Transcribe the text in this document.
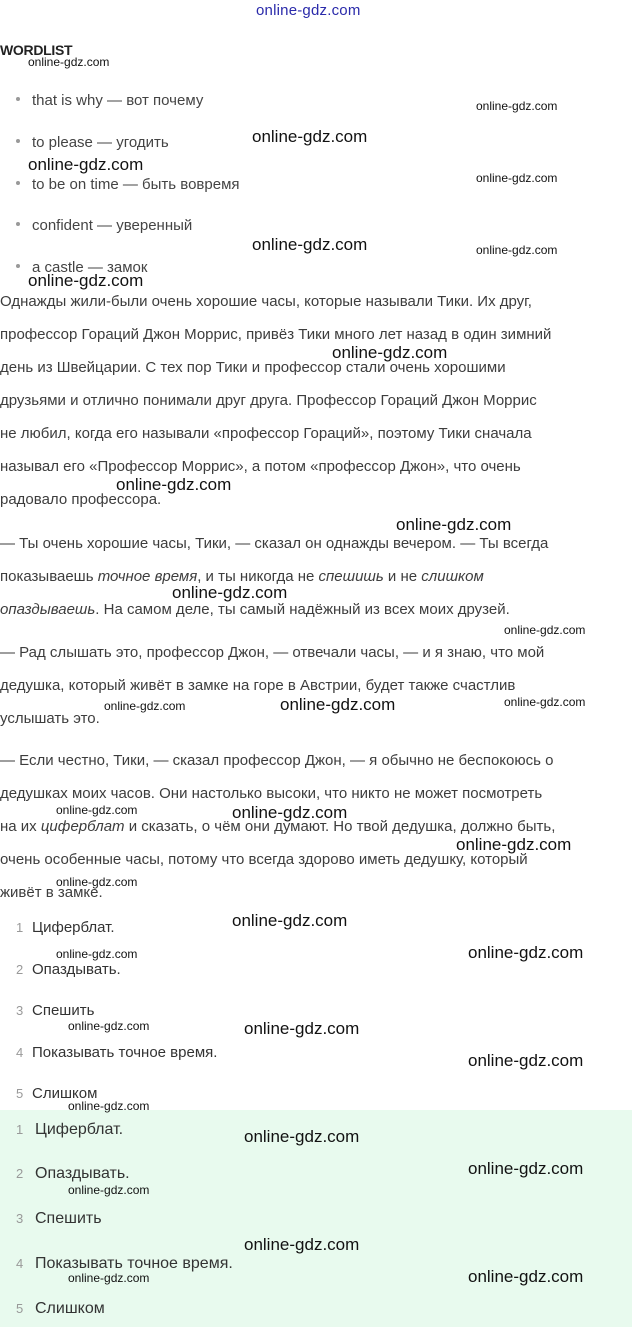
online-gdz.com
WORDLIST
that is why — вот почему
to please — угодить
to be on time — быть вовремя
confident — уверенный
a castle — замок
Однажды жили-были очень хорошие часы, которые называли Тики. Их друг,
профессор Гораций Джон Моррис, привёз Тики много лет назад в один зимний
день из Швейцарии. С тех пор Тики и профессор стали очень хорошими
друзьями и отлично понимали друг друга. Профессор Гораций Джон Моррис
не любил, когда его называли «профессор Гораций», поэтому Тики сначала
называл его «Профессор Моррис», а потом «профессор Джон», что очень
радовало профессора.
— Ты очень хорошие часы, Тики, — сказал он однажды вечером. — Ты всегда
показываешь точное время, и ты никогда не спешишь и не слишком
опаздываешь. На самом деле, ты самый надёжный из всех моих друзей.
— Рад слышать это, профессор Джон, — отвечали часы, — и я знаю, что мой
дедушка, который живёт в замке на горе в Австрии, будет также счастлив
услышать это.
— Если честно, Тики, — сказал профессор Джон, — я обычно не беспокоюсь о
дедушках моих часов. Они настолько высоки, что никто не может посмотреть
на их циферблат и сказать, о чём они думают. Но твой дедушка, должно быть,
очень особенные часы, потому что всегда здорово иметь дедушку, который
живёт в замке.
1 Циферблат.
2 Опаздывать.
3 Спешить
4 Показывать точное время.
5 Слишком
1 Циферблат.
2 Опаздывать.
3 Спешить
4 Показывать точное время.
5 Слишком
online-gdz.com
online-gdz.com
online-gdz.com
online-gdz.com
online-gdz.com
online-gdz.com	online-gdz.com
online-gdz.com
online-gdz.com
online-gdz.com
online-gdz.com
online-gdz.com
online-gdz.com
online-gdz.com
online-gdz.com
online-gdz.com
online-gdz.com	online-gdz.com
online-gdz.com
online-gdz.com
online-gdz.com
online-gdz.com	online-gdz.com
online-gdz.com	online-gdz.com
online-gdz.com
online-gdz.com
online-gdz.com
online-gdz.com
online-gdz.com
online-gdz.com
online-gdz.com
online-gdz.com
